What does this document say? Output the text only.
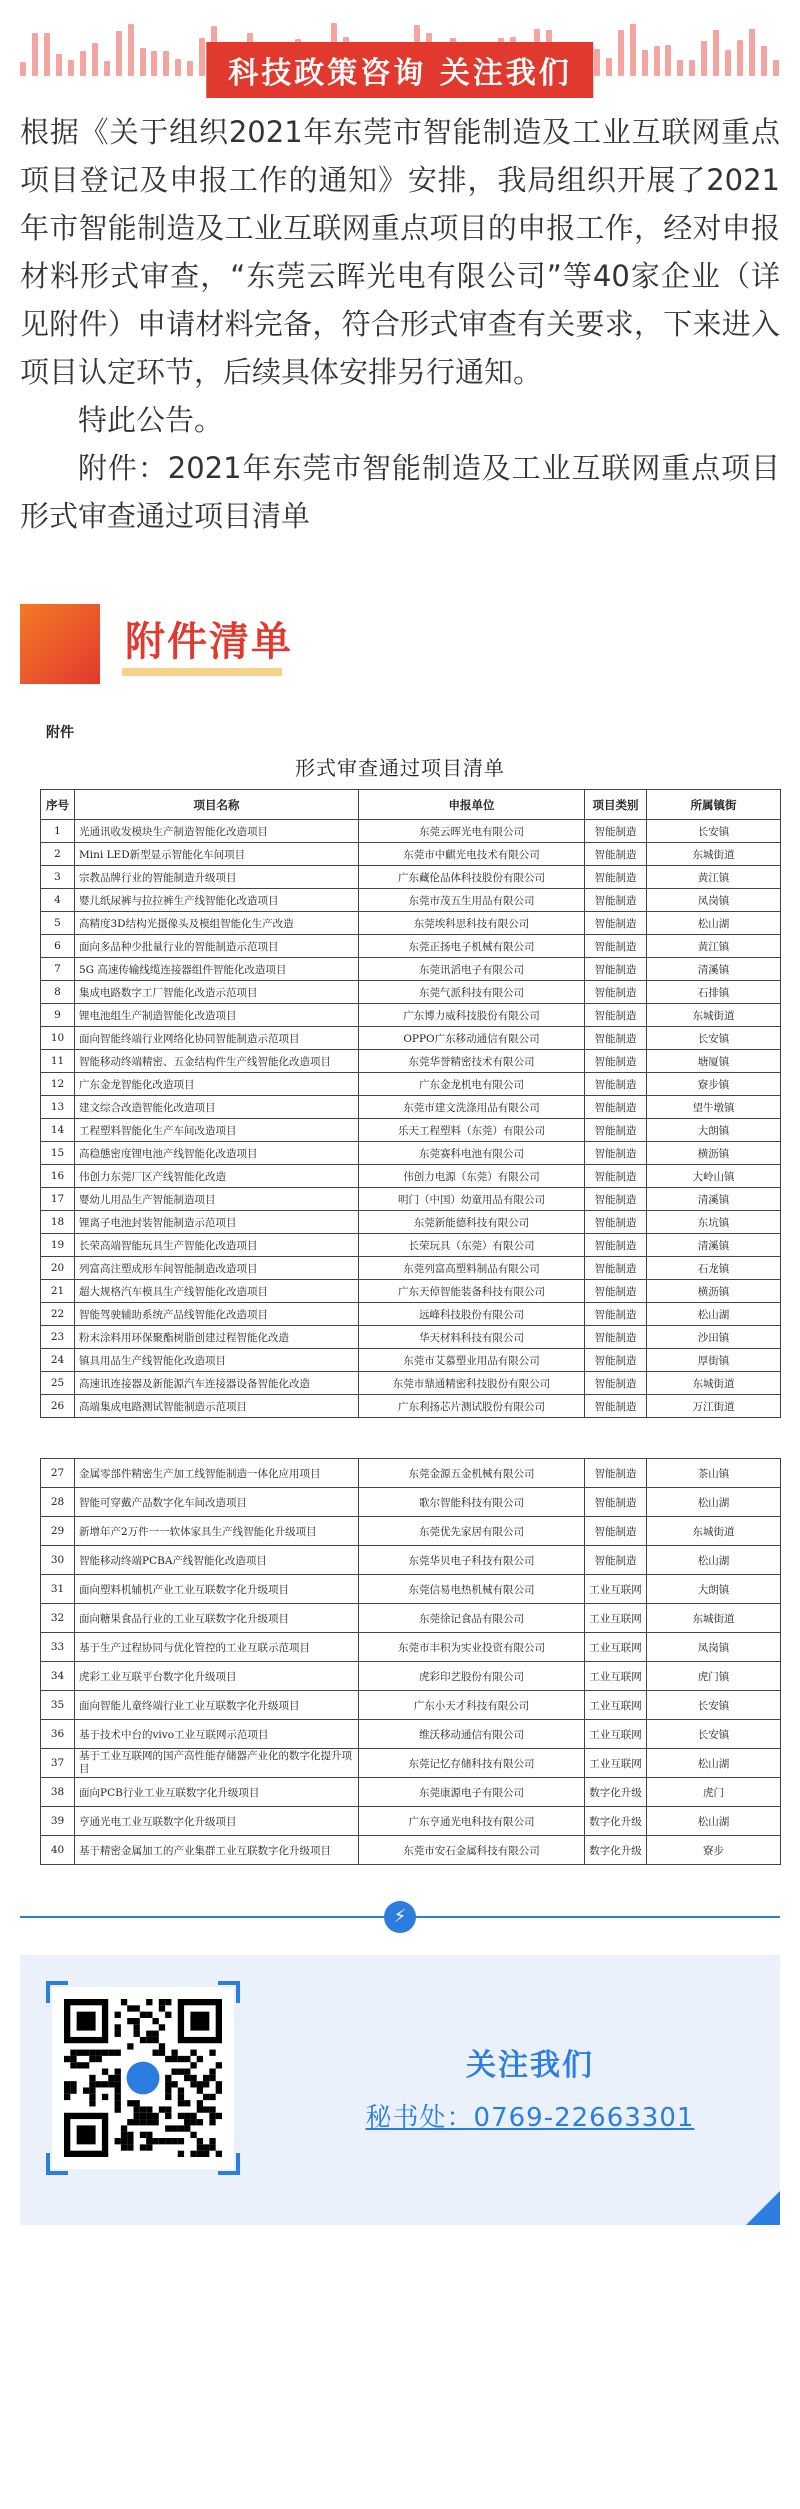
科技政策咨询 关注我们

根据《关于组织2021年东莞市智能制造及工业互联网重点项目登记及申报工作的通知》安排，我局组织开展了2021年市智能制造及工业互联网重点项目的申报工作，经对申报材料形式审查，“东莞云晖光电有限公司”等40家企业（详见附件）申请材料完备，符合形式审查有关要求，下来进入项目认定环节，后续具体安排另行通知。

特此公告。

附件：2021年东莞市智能制造及工业互联网重点项目形式审查通过项目清单

附件清单
附件
形式审查通过项目清单
序号	项目名称	申报单位	项目类别	所属镇街
1	光通讯收发模块生产制造智能化改造项目	东莞云晖光电有限公司	智能制造	长安镇
2	Mini LED新型显示智能化车间项目	东莞市中麒光电技术有限公司	智能制造	东城街道
3	宗教品牌行业的智能制造升级项目	广东藏伦品体科技股份有限公司	智能制造	黄江镇
4	婴儿纸尿裤与拉拉裤生产线智能化改造项目	东莞市茂五生用品有限公司	智能制造	凤岗镇
5	高精度3D结构光摄像头及模组智能化生产改造	东莞埃科思科技有限公司	智能制造	松山湖
6	面向多品种少批量行业的智能制造示范项目	东莞正扬电子机械有限公司	智能制造	黄江镇
7	5G 高速传输线缆连接器组件智能化改造项目	东莞讯滔电子有限公司	智能制造	清溪镇
8	集成电路数字工厂智能化改造示范项目	东莞气派科技有限公司	智能制造	石排镇
9	锂电池组生产制造智能化改造项目	广东博力威科技股份有限公司	智能制造	东城街道
10	面向智能终端行业网络化协同智能制造示范项目	OPPO广东移动通信有限公司	智能制造	长安镇
11	智能移动终端精密、五金结构件生产线智能化改造项目	东莞华誉精密技术有限公司	智能制造	塘厦镇
12	广东金龙智能化改造项目	广东金龙机电有限公司	智能制造	寮步镇
13	建文综合改造智能化改造项目	东莞市建文洗涤用品有限公司	智能制造	望牛墩镇
14	工程塑料智能化生产车间改造项目	乐天工程塑料（东莞）有限公司	智能制造	大朗镇
15	高稳態密度锂电池产线智能化改造项目	东莞赛科电池有限公司	智能制造	横沥镇
16	伟创力东莞厂区产线智能化改造	伟创力电源（东莞）有限公司	智能制造	大岭山镇
17	婴幼儿用品生产智能制造项目	明门（中国）幼童用品有限公司	智能制造	清溪镇
18	锂离子电池封装智能制造示范项目	东莞新能德科技有限公司	智能制造	东坑镇
19	长荣高端智能玩具生产智能化改造项目	长荣玩具（东莞）有限公司	智能制造	清溪镇
20	列富高注塑成形车间智能制造改造项目	东莞列富高塑料制品有限公司	智能制造	石龙镇
21	超大规格汽车模具生产线智能化改造项目	广东天倬智能装备科技有限公司	智能制造	横沥镇
22	智能驾驶辅助系统产品线智能化改造项目	远峰科技股份有限公司	智能制造	松山湖
23	粉末涂料用环保聚酯树脂创建过程智能化改造	华天材料科技有限公司	智能制造	沙田镇
24	镇具用品生产线智能化改造项目	东莞市艾慕塑业用品有限公司	智能制造	厚街镇
25	高速讯连接器及新能源汽车连接器设备智能化改造	东莞市鼎通精密科技股份有限公司	智能制造	东城街道
26	高端集成电路测试智能制造示范项目	广东利扬芯片测试股份有限公司	智能制造	万江街道
27	金属零部件精密生产加工线智能制造一体化应用项目	东莞金源五金机械有限公司	智能制造	茶山镇
28	智能可穿戴产品数字化车间改造项目	歌尔智能科技有限公司	智能制造	松山湖
29	新增年产2万件一一软体家具生产线智能化升级项目	东莞优先家居有限公司	智能制造	东城街道
30	智能移动终端PCBA产线智能化改造项目	东莞华贝电子科技有限公司	智能制造	松山湖
31	面向塑料机辅机产业工业互联数字化升级项目	东莞信易电热机械有限公司	工业互联网	大朗镇
32	面向糖果食品行业的工业互联数字化升级项目	东莞徐记食品有限公司	工业互联网	东城街道
33	基于生产过程协同与优化管控的工业互联示范项目	东莞市丰积为实业投资有限公司	工业互联网	凤岗镇
34	虎彩工业互联平台数字化升级项目	虎彩印艺股份有限公司	工业互联网	虎门镇
35	面向智能儿童终端行业工业互联数字化升级项目	广东小天才科技有限公司	工业互联网	长安镇
36	基于技术中台的vivo工业互联网示范项目	维沃移动通信有限公司	工业互联网	长安镇
37	基于工业互联网的国产高性能存储器产业化的数字化提升项目	东莞记忆存储科技有限公司	工业互联网	松山湖
38	面向PCB行业工业互联数字化升级项目	东莞康源电子有限公司	数字化升级	虎门
39	亨通光电工业互联数字化升级项目	广东亨通光电科技有限公司	数字化升级	松山湖
40	基于精密金属加工的产业集群工业互联数字化升级项目	东莞市安石金属科技有限公司	数字化升级	寮步
⚡
关注我们
秘书处：0769-22663301
